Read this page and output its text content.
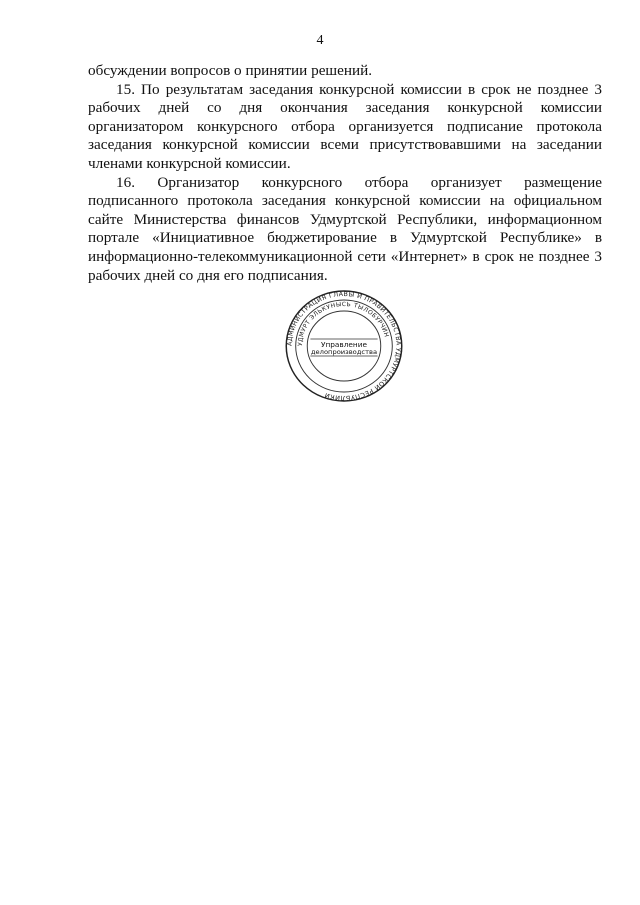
4

обсуждении вопросов о принятии решений.

15. По результатам заседания конкурсной комиссии в срок не позднее 3 рабочих дней со дня окончания заседания конкурсной комиссии организатором конкурсного отбора организуется подписание протокола заседания конкурсной комиссии всеми присутствовавшими на заседании членами конкурсной комиссии.

16. Организатор конкурсного отбора организует размещение подписанного протокола заседания конкурсной комиссии на официальном сайте Министерства финансов Удмуртской Республики, информационном портале «Инициативное бюджетирование в Удмуртской Республике» в информационно-телекоммуникационной сети «Интернет» в срок не позднее 3 рабочих дней со дня его подписания.

АДМИНИСТРАЦИЯ ГЛАВЫ И ПРАВИТЕЛЬСТВА УДМУРТСКОЙ РЕСПУБЛИКИ
УДМУРТ ЭЛЬКУНЫСЬ ТЫЛОБУРЧИН
Управление
делопроизводства
